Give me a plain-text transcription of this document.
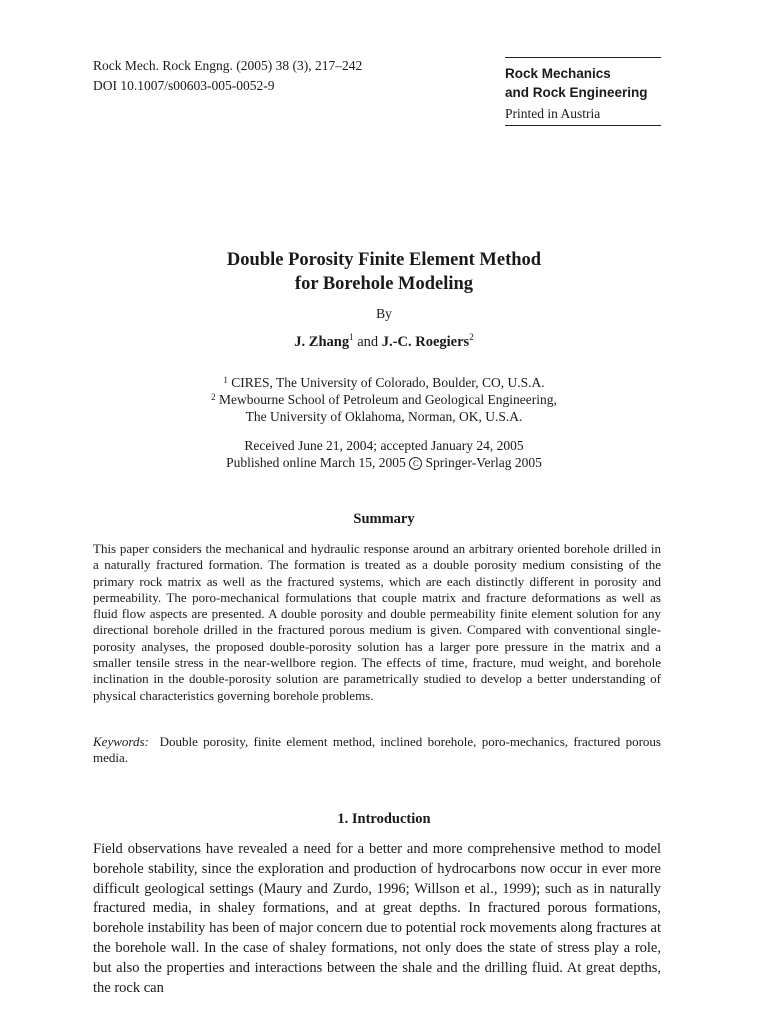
Rock Mech. Rock Engng. (2005) 38 (3), 217–242
DOI 10.1007/s00603-005-0052-9
Rock Mechanics
and Rock Engineering
Printed in Austria
Double Porosity Finite Element Method
for Borehole Modeling
By
J. Zhang$^1$ and J.-C. Roegiers$^2$
$^1$ CIRES, The University of Colorado, Boulder, CO, U.S.A.
$^2$ Mewbourne School of Petroleum and Geological Engineering,
The University of Oklahoma, Norman, OK, U.S.A.
Received June 21, 2004; accepted January 24, 2005
Published online March 15, 2005 C Springer-Verlag 2005
Summary
This paper considers the mechanical and hydraulic response around an arbitrary oriented borehole drilled in a naturally fractured formation. The formation is treated as a double porosity medium consisting of the primary rock matrix as well as the fractured systems, which are each distinctly different in porosity and permeability. The poro-mechanical formulations that couple matrix and fracture deformations as well as fluid flow aspects are presented. A double porosity and double permeability finite element solution for any directional borehole drilled in the fractured porous medium is given. Compared with conventional single-porosity analyses, the proposed double-porosity solution has a larger pore pressure in the matrix and a smaller tensile stress in the near-wellbore region. The effects of time, fracture, mud weight, and borehole inclination in the double-porosity solution are parametrically studied to develop a better understanding of physical characteristics governing borehole problems.
Keywords: Double porosity, finite element method, inclined borehole, poro-mechanics, fractured porous media.
1. Introduction
Field observations have revealed a need for a better and more comprehensive method to model borehole stability, since the exploration and production of hydrocarbons now occur in ever more difficult geological settings (Maury and Zurdo, 1996; Willson et al., 1999); such as in naturally fractured media, in shaley formations, and at great depths. In fractured porous formations, borehole instability has been of major concern due to potential rock movements along fractures at the borehole wall. In the case of shaley formations, not only does the state of stress play a role, but also the properties and interactions between the shale and the drilling fluid. At great depths, the rock can
